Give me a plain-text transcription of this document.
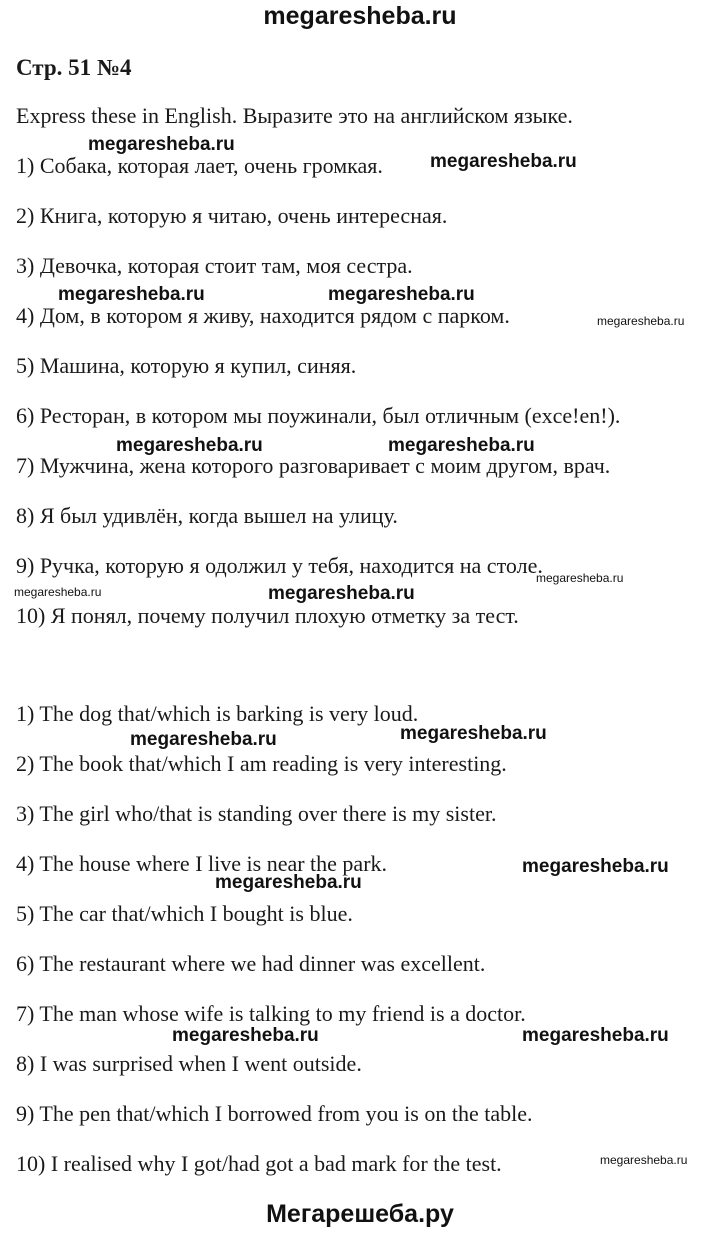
megaresheba.ru
Стр. 51 №4
Express these in English. Выразите это на английском языке.
1) Собака, которая лает, очень громкая.
2) Книга, которую я читаю, очень интересная.
3) Девочка, которая стоит там, моя сестра.
4) Дом, в котором я живу, находится рядом с парком.
5) Машина, которую я купил, синяя.
6) Ресторан, в котором мы поужинали, был отличным (exce!en!).
7) Мужчина, жена которого разговаривает с моим другом, врач.
8) Я был удивлён, когда вышел на улицу.
9) Ручка, которую я одолжил у тебя, находится на столе.
10) Я понял, почему получил плохую отметку за тест.
1) The dog that/which is barking is very loud.
2) The book that/which I am reading is very interesting.
3) The girl who/that is standing over there is my sister.
4) The house where I live is near the park.
5) The car that/which I bought is blue.
6) The restaurant where we had dinner was excellent.
7) The man whose wife is talking to my friend is a doctor.
8) I was surprised when I went outside.
9) The pen that/which I borrowed from you is on the table.
10) I realised why I got/had got a bad mark for the test.
megaresheba.ru
megaresheba.ru
megaresheba.ru	megaresheba.ru
megaresheba.ru
megaresheba.ru	megaresheba.ru
megaresheba.ru
megaresheba.ru	megaresheba.ru
megaresheba.ru	megaresheba.ru
megaresheba.ru
megaresheba.ru
megaresheba.ru	megaresheba.ru
megaresheba.ru
Мегарешеба.ру
